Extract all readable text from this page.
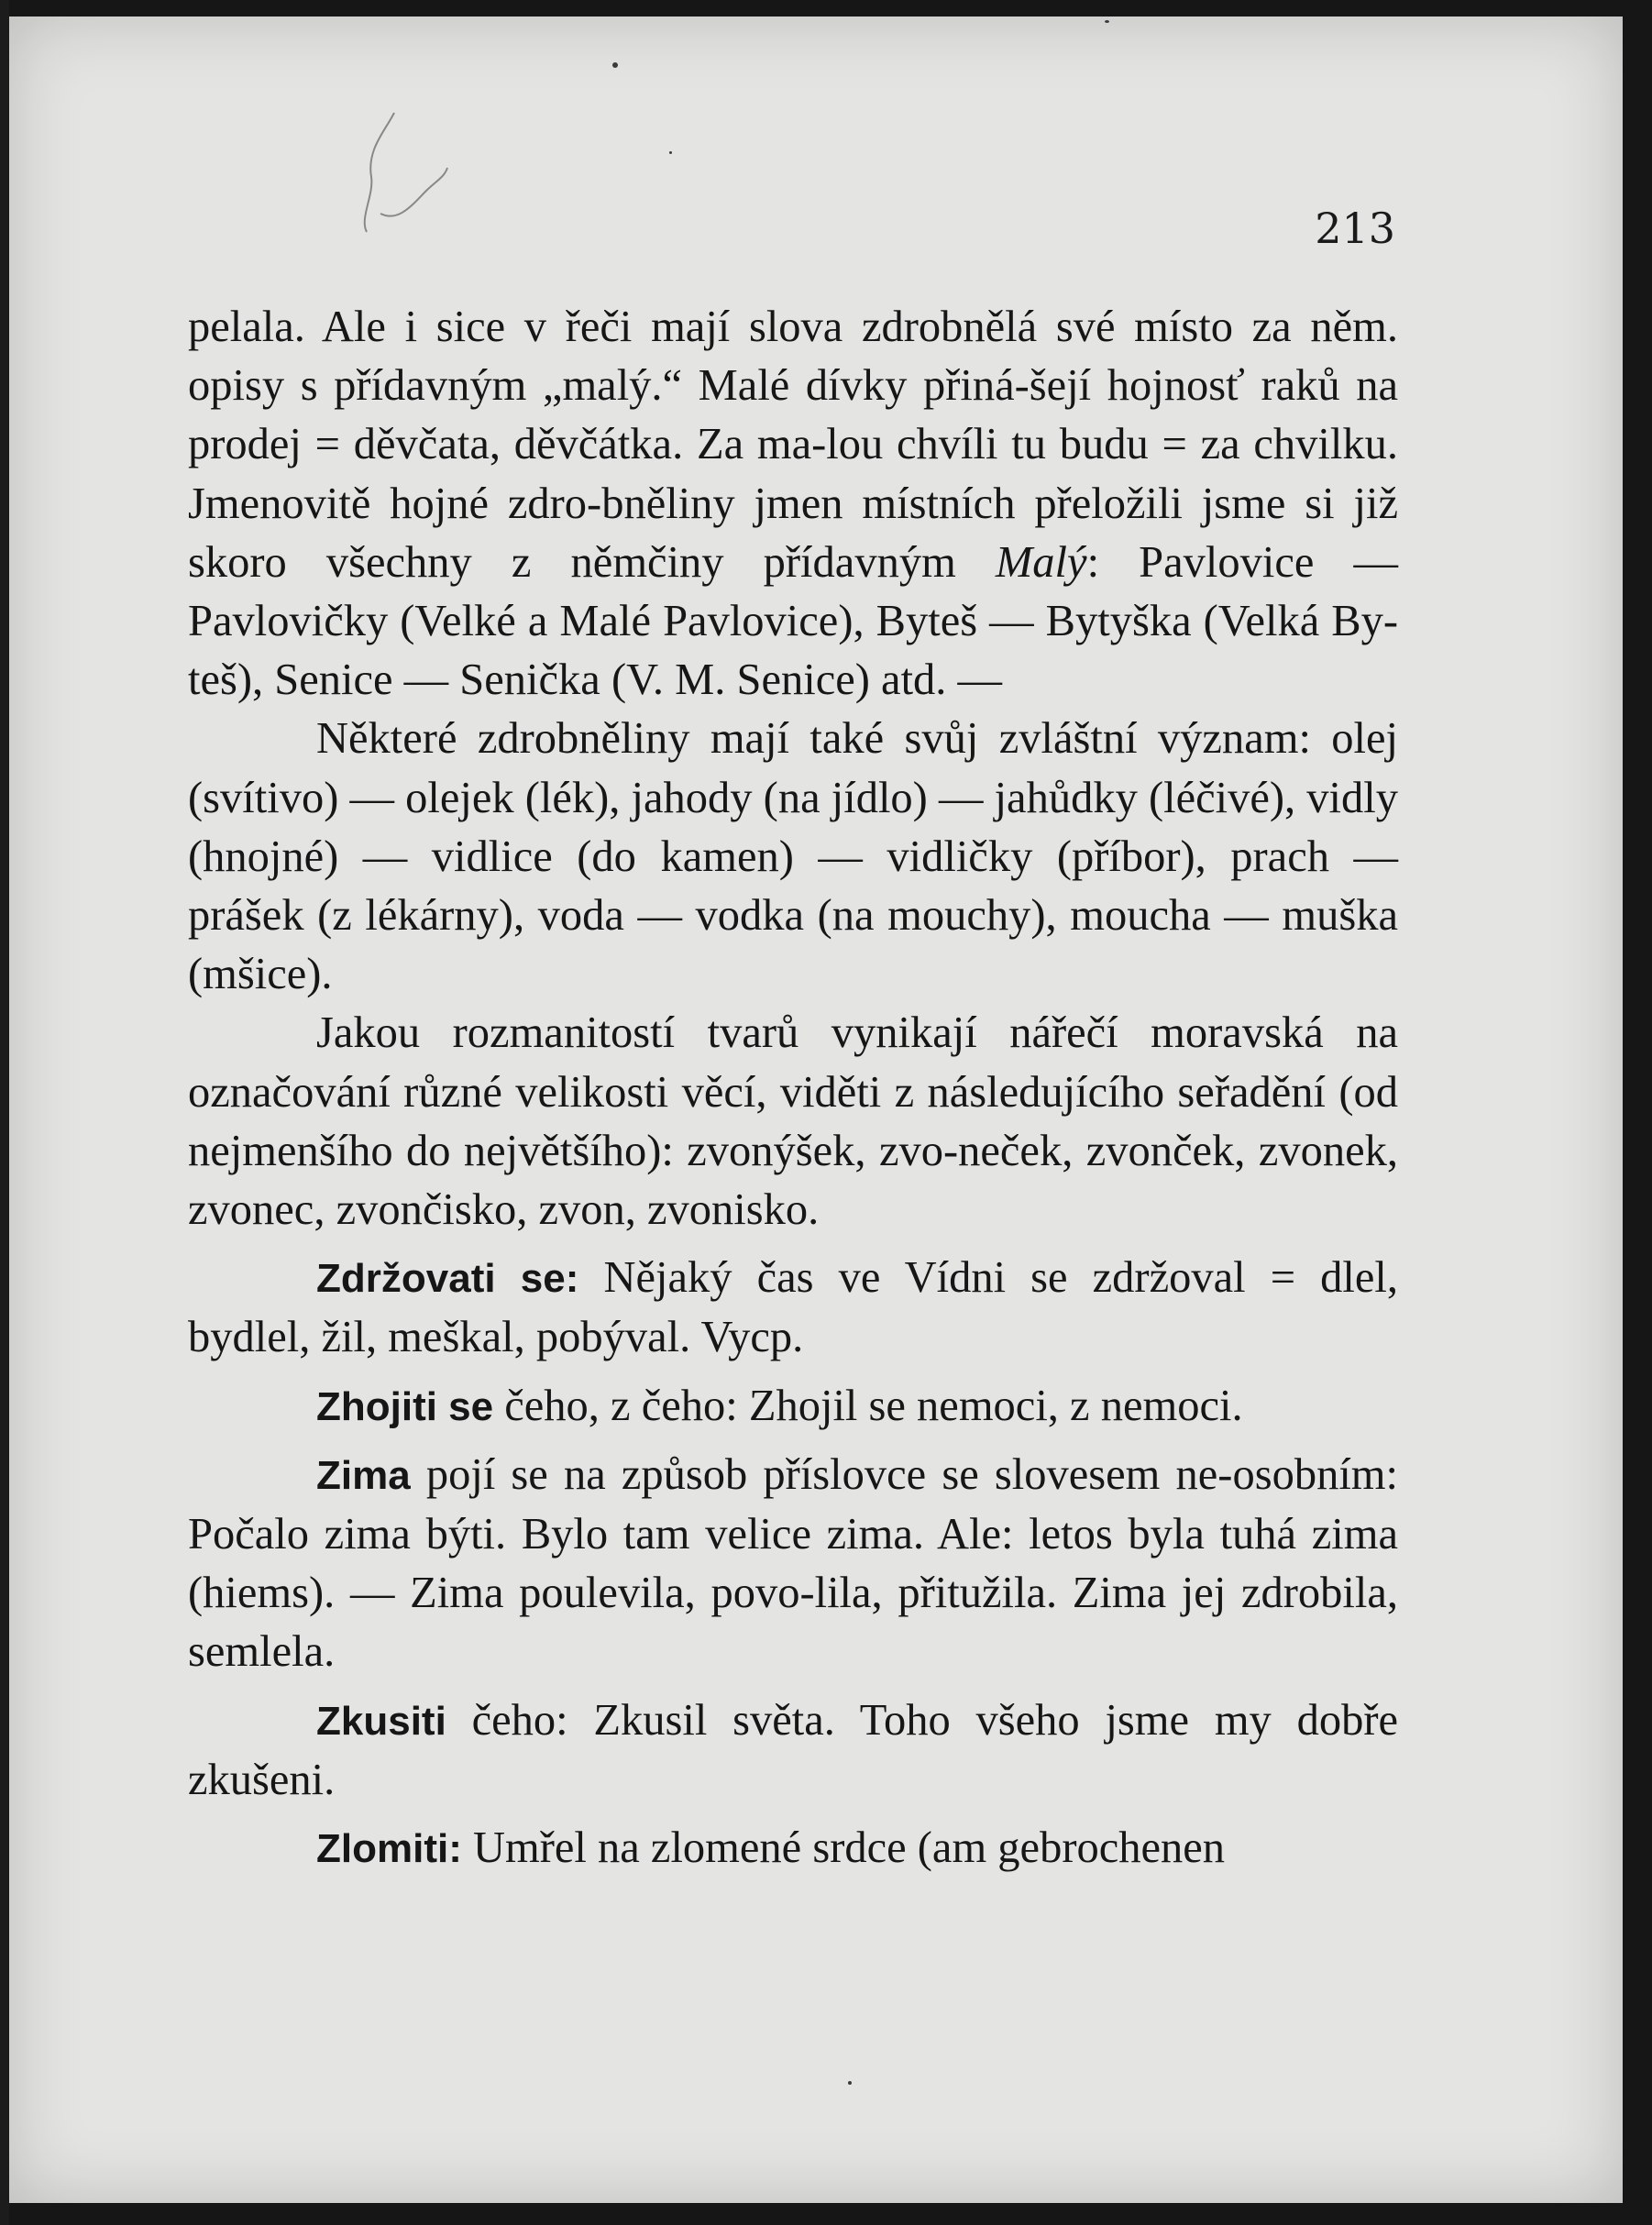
213

pelala. Ale i sice v řeči mají slova zdrobnělá své místo za něm. opisy s přídavným „malý.“ Malé dívky přiná-šejí hojnosť raků na prodej = děvčata, děvčátka. Za ma-lou chvíli tu budu = za chvilku. Jmenovitě hojné zdro-bněliny jmen místních přeložili jsme si již skoro všechny z němčiny přídavným Malý: Pavlovice — Pavlovičky (Velké a Malé Pavlovice), Byteš — Bytyška (Velká By-teš), Senice — Senička (V. M. Senice) atd. —

Některé zdrobněliny mají také svůj zvláštní význam: olej (svítivo) — olejek (lék), jahody (na jídlo) — jahůdky (léčivé), vidly (hnojné) — vidlice (do kamen) — vidličky (příbor), prach — prášek (z lékárny), voda — vodka (na mouchy), moucha — muška (mšice).

Jakou rozmanitostí tvarů vynikají nářečí moravská na označování různé velikosti věcí, viděti z následujícího seřadění (od nejmenšího do největšího): zvonýšek, zvo-neček, zvonček, zvonek, zvonec, zvončisko, zvon, zvonisko.

Zdržovati se: Nějaký čas ve Vídni se zdržoval = dlel, bydlel, žil, meškal, pobýval. Vycp.

Zhojiti se čeho, z čeho: Zhojil se nemoci, z nemoci.

Zima pojí se na způsob příslovce se slovesem ne-osobním: Počalo zima býti. Bylo tam velice zima. Ale: letos byla tuhá zima (hiems). — Zima poulevila, povo-lila, přitužila. Zima jej zdrobila, semlela.

Zkusiti čeho: Zkusil světa. Toho všeho jsme my dobře zkušeni.

Zlomiti: Umřel na zlomené srdce (am gebrochenen
